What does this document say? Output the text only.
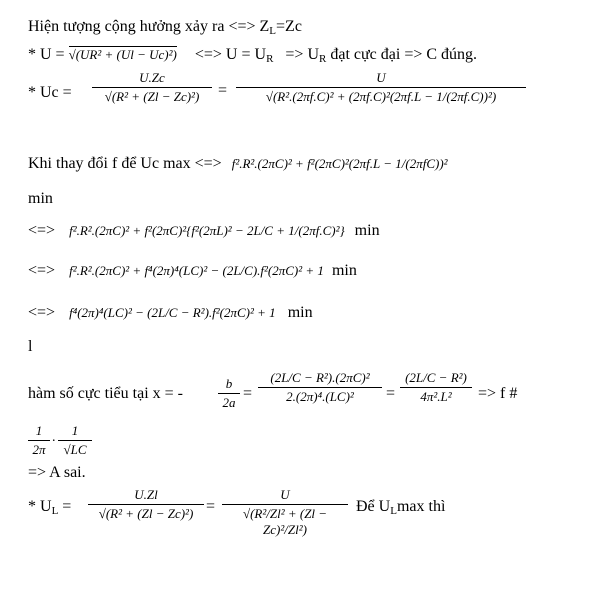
Hiện tượng cộng hưởng xảy ra <=> $Z_L=Zc$
* U = √(UR² + (Ul − Uc)²) <=> $U = U_R => U_R$ đạt cực đại => C đúng.
* $Uc = \frac{U.Zc}{\text{√(R² + (Zl − Zc)²)}} = \frac{U}{\text{√(R².(2πf.C)² + (2πf.C)²(2πf.L − 1/(2πf.C))²)}}$
Khi thay đổi f để Uc max <=> f².R².(2πC)² + f²(2πC)²(2πf.L − 1/(2πfC))²
min
<=> f².R².(2πC)² + f²(2πC)²{f²(2πL)² − 2L/C + 1/(2πf.C)²} min
<=> f².R².(2πC)² + f⁴(2π)⁴(LC)² − (2L/C).f²(2πC)² + 1 min
<=> f⁴(2π)⁴(LC)² − (2L/C − R²).f²(2πC)² + 1 min
l
hàm số cực tiểu tại x = -	$\frac{b}{2a} = \frac{\text{(2L/C − R²).(2πC)²}}{\text{2.(2π)⁴.(LC)²}} = \frac{\text{(2L/C − R²)}}{\text{4π².L²}} => f$ #
$\frac{1}{2\pi}$ . $\frac{1}{√LC}$
=> A sai.
* $U_L = \frac{U.Zl}{\text{√(R² + (Zl − Zc)²)}} = \frac{U}{\text{√(R²/Zl² + (Zl − Zc)²/Zl²)}}$ Để $U_L\max$ thì
